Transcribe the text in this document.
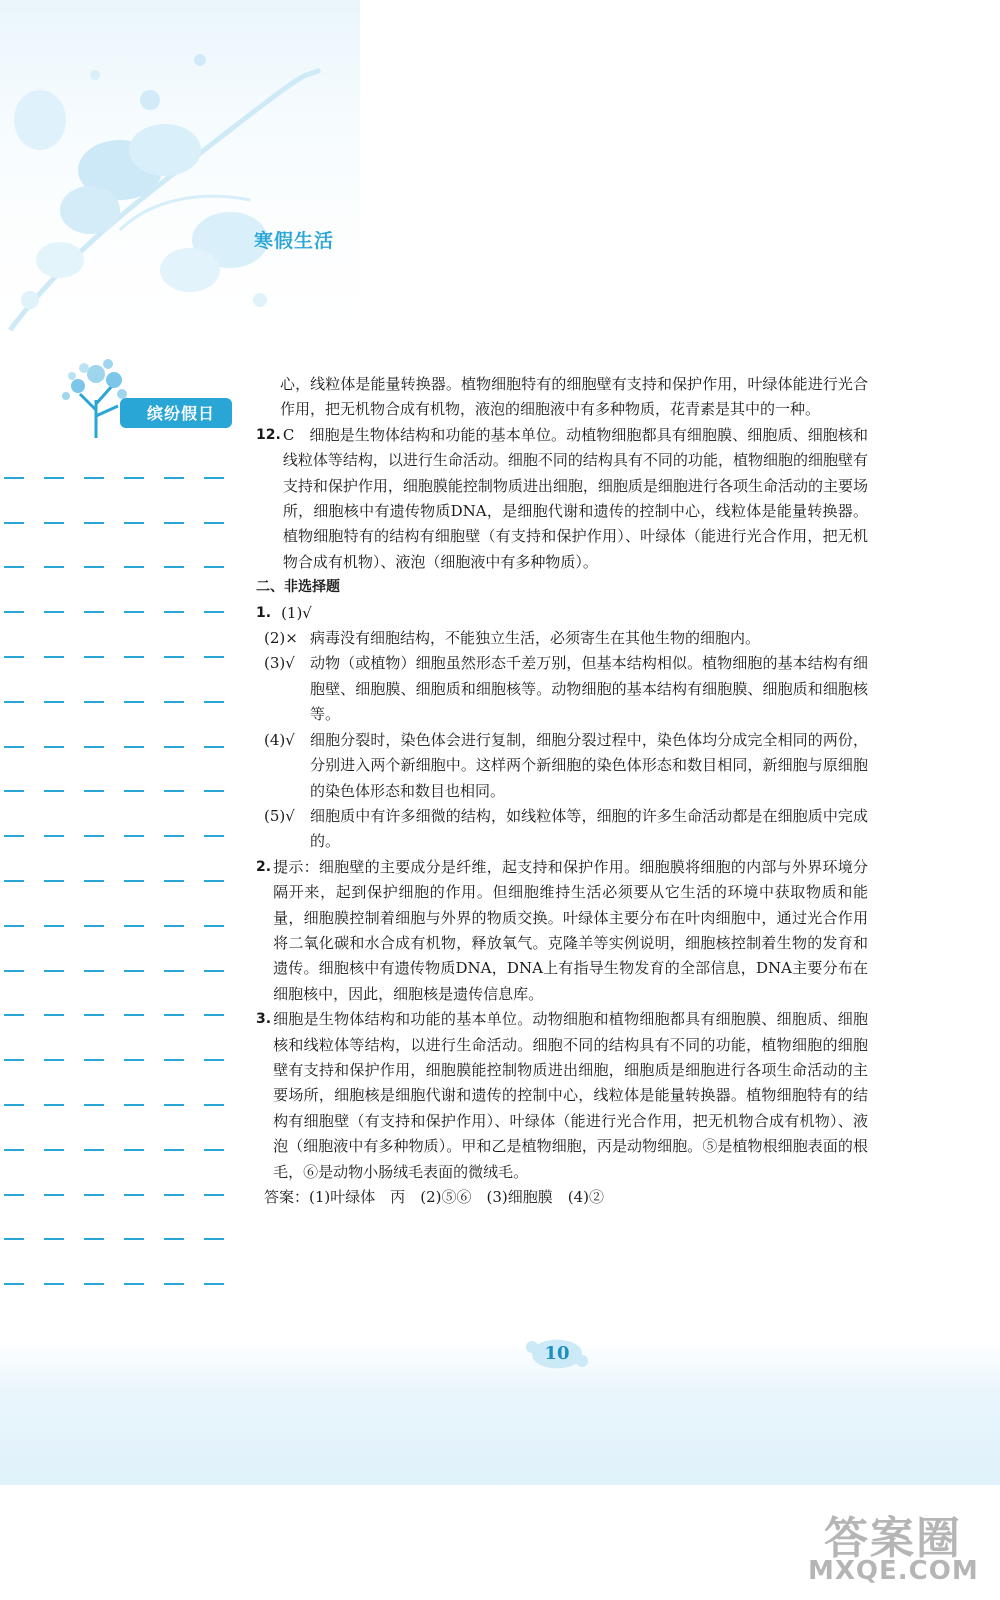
寒假生活
缤纷假日
心，线粒体是能量转换器。植物细胞特有的细胞壁有支持和保护作用，叶绿体能进行光合作用，把无机物合成有机物，液泡的细胞液中有多种物质，花青素是其中的一种。
12. C　细胞是生物体结构和功能的基本单位。动植物细胞都具有细胞膜、细胞质、细胞核和线粒体等结构，以进行生命活动。细胞不同的结构具有不同的功能，植物细胞的细胞壁有支持和保护作用，细胞膜能控制物质进出细胞，细胞质是细胞进行各项生命活动的主要场所，细胞核中有遗传物质DNA，是细胞代谢和遗传的控制中心，线粒体是能量转换器。植物细胞特有的结构有细胞壁（有支持和保护作用）、叶绿体（能进行光合作用，把无机物合成有机物）、液泡（细胞液中有多种物质）。
二、非选择题
1. (1)√
(2)× 病毒没有细胞结构，不能独立生活，必须寄生在其他生物的细胞内。
(3)√	动物（或植物）细胞虽然形态千差万别，但基本结构相似。植物细胞的基本结构有细胞壁、细胞膜、细胞质和细胞核等。动物细胞的基本结构有细胞膜、细胞质和细胞核等。
(4)√	细胞分裂时，染色体会进行复制，细胞分裂过程中，染色体均分成完全相同的两份，分别进入两个新细胞中。这样两个新细胞的染色体形态和数目相同，新细胞与原细胞的染色体形态和数目也相同。
(5)√	细胞质中有许多细微的结构，如线粒体等，细胞的许多生命活动都是在细胞质中完成的。
2. 提示：细胞壁的主要成分是纤维，起支持和保护作用。细胞膜将细胞的内部与外界环境分隔开来，起到保护细胞的作用。但细胞维持生活必须要从它生活的环境中获取物质和能量，细胞膜控制着细胞与外界的物质交换。叶绿体主要分布在叶肉细胞中，通过光合作用将二氧化碳和水合成有机物，释放氧气。克隆羊等实例说明，细胞核控制着生物的发育和遗传。细胞核中有遗传物质DNA，DNA上有指导生物发育的全部信息，DNA主要分布在细胞核中，因此，细胞核是遗传信息库。
3. 细胞是生物体结构和功能的基本单位。动物细胞和植物细胞都具有细胞膜、细胞质、细胞核和线粒体等结构，以进行生命活动。细胞不同的结构具有不同的功能，植物细胞的细胞壁有支持和保护作用，细胞膜能控制物质进出细胞，细胞质是细胞进行各项生命活动的主要场所，细胞核是细胞代谢和遗传的控制中心，线粒体是能量转换器。植物细胞特有的结构有细胞壁（有支持和保护作用）、叶绿体（能进行光合作用，把无机物合成有机物）、液泡（细胞液中有多种物质）。甲和乙是植物细胞，丙是动物细胞。⑤是植物根细胞表面的根毛，⑥是动物小肠绒毛表面的微绒毛。
答案：(1)叶绿体　丙　(2)⑤⑥　(3)细胞膜　(4)②
10
答案圈
MXQE.COM
